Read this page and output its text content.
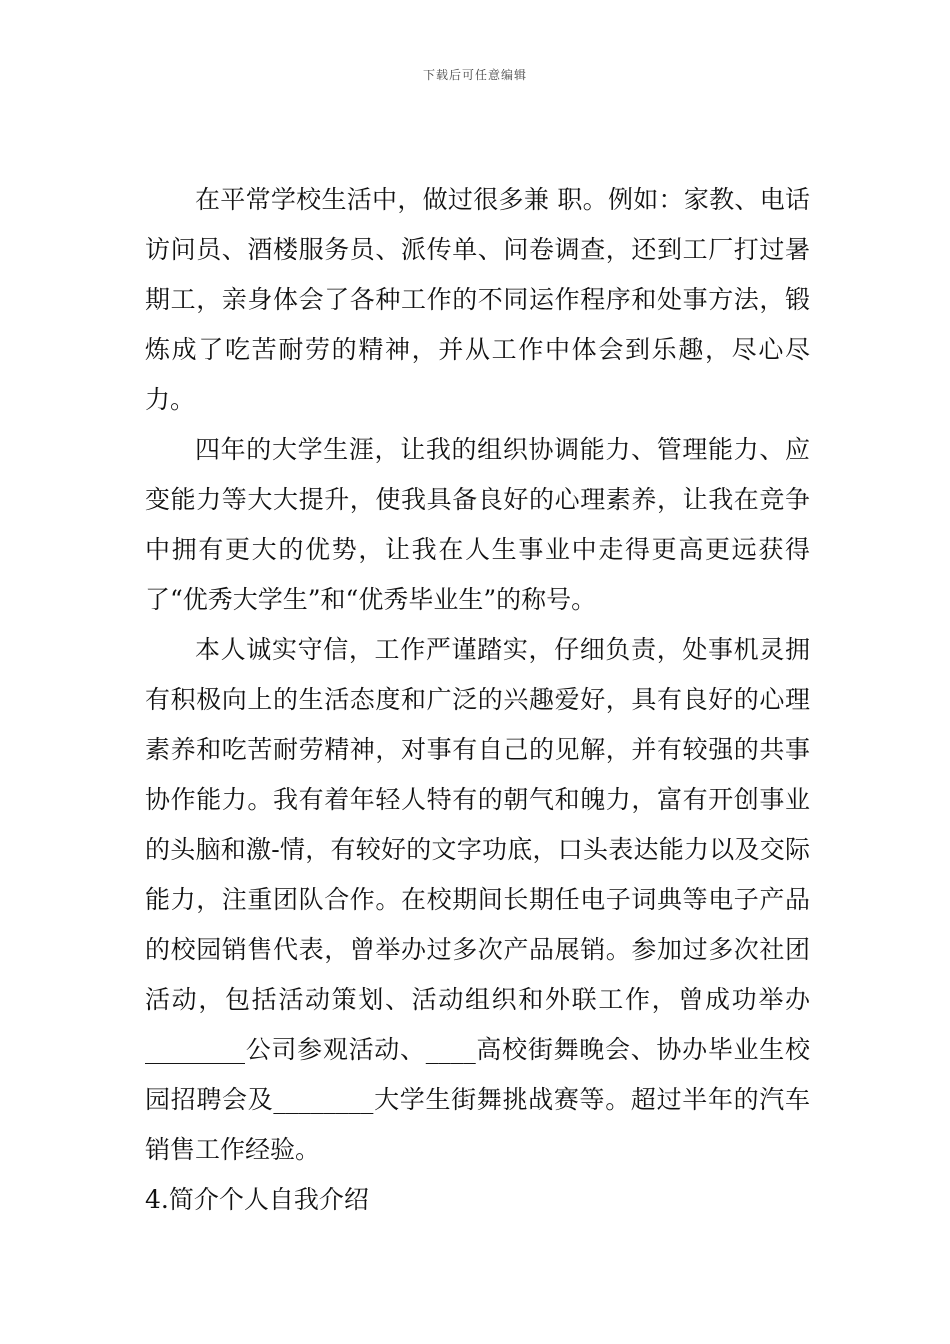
下载后可任意编辑

在平常学校生活中，做过很多兼 职。例如：家教、电话访问员、酒楼服务员、派传单、问卷调查，还到工厂打过暑期工，亲身体会了各种工作的不同运作程序和处事方法，锻炼成了吃苦耐劳的精神，并从工作中体会到乐趣，尽心尽力。

四年的大学生涯，让我的组织协调能力、管理能力、应变能力等大大提升，使我具备良好的心理素养，让我在竞争中拥有更大的优势，让我在人生事业中走得更高更远获得了“优秀大学生”和“优秀毕业生”的称号。

本人诚实守信，工作严谨踏实，仔细负责，处事机灵拥有积极向上的生活态度和广泛的兴趣爱好，具有良好的心理素养和吃苦耐劳精神，对事有自己的见解，并有较强的共事协作能力。我有着年轻人特有的朝气和魄力，富有开创事业的头脑和激-情，有较好的文字功底，口头表达能力以及交际能力，注重团队合作。在校期间长期任电子词典等电子产品的校园销售代表，曾举办过多次产品展销。参加过多次社团活动，包括活动策划、活动组织和外联工作，曾成功举办________公司参观活动、____高校街舞晚会、协办毕业生校园招聘会及________大学生街舞挑战赛等。超过半年的汽车销售工作经验。

4.简介个人自我介绍
